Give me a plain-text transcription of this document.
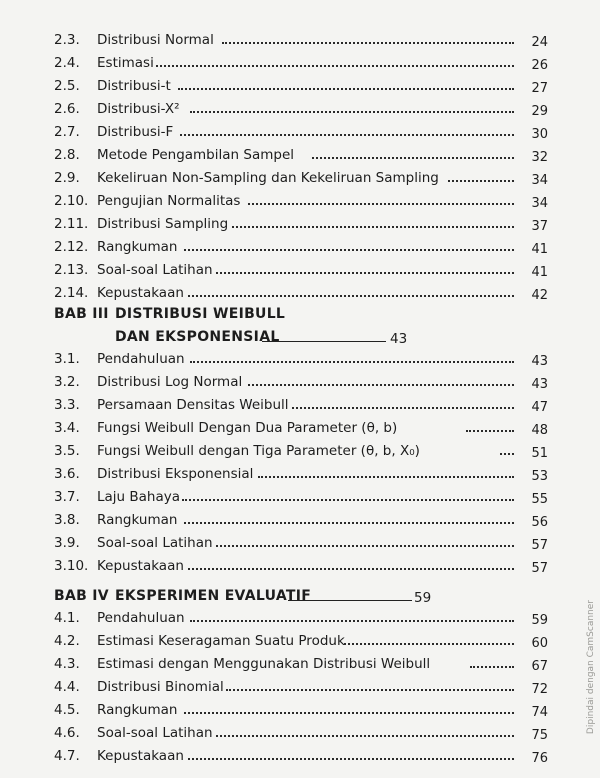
2.3. Distribusi Normal	24
2.4. Estimasi	26
2.5. Distribusi-t	27
2.6. Distribusi-X²	29
2.7. Distribusi-F	30
2.8. Metode Pengambilan Sampel	32
2.9. Kekeliruan Non-Sampling dan Kekeliruan Sampling	34
2.10. Pengujian Normalitas	34
2.11. Distribusi Sampling	37
2.12. Rangkuman	41
2.13. Soal-soal Latihan	41
2.14. Kepustakaan	42
BAB III DISTRIBUSI WEIBULL
DAN EKSPONENSIAL	43
3.1. Pendahuluan	43
3.2. Distribusi Log Normal	43
3.3. Persamaan Densitas Weibull	47
3.4. Fungsi Weibull Dengan Dua Parameter (θ, b)	48
3.5. Fungsi Weibull dengan Tiga Parameter (θ, b, X₀)	51
3.6. Distribusi Eksponensial	53
3.7. Laju Bahaya	55
3.8. Rangkuman	56
3.9. Soal-soal Latihan	57
3.10. Kepustakaan	57
BAB IV EKSPERIMEN EVALUATIF	59
4.1. Pendahuluan	59
4.2. Estimasi Keseragaman Suatu Produk	60
4.3. Estimasi dengan Menggunakan Distribusi Weibull	67
4.4. Distribusi Binomial	72
4.5. Rangkuman	74
4.6. Soal-soal Latihan	75
4.7. Kepustakaan	76
Dipindai dengan CamScanner
